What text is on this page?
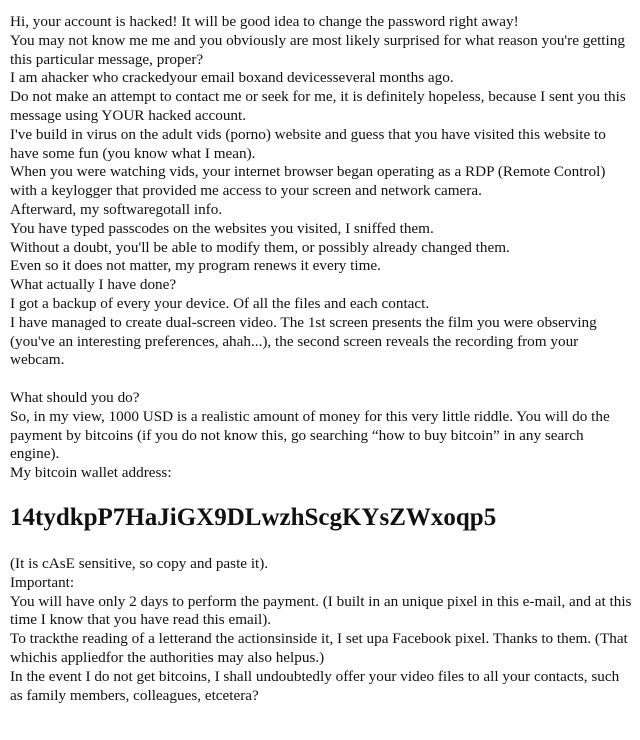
Hi, your account is hacked! It will be good idea to change the password right away!
You may not know me me and you obviously are most likely surprised for what reason you're getting this particular message, proper?
I am ahacker who crackedyour email boxand devicesseveral months ago.
Do not make an attempt to contact me or seek for me, it is definitely hopeless, because I sent you this message using YOUR hacked account.
I've build in virus on the adult vids (porno) website and guess that you have visited this website to have some fun (you know what I mean).
When you were watching vids, your internet browser began operating as a RDP (Remote Control) with a keylogger that provided me access to your screen and network camera.
Afterward, my softwaregotall info.
You have typed passcodes on the websites you visited, I sniffed them.
Without a doubt, you'll be able to modify them, or possibly already changed them.
Even so it does not matter, my program renews it every time.
What actually I have done?
I got a backup of every your device. Of all the files and each contact.
I have managed to create dual-screen video. The 1st screen presents the film you were observing (you've an interesting preferences, ahah...), the second screen reveals the recording from your webcam.
What should you do?
So, in my view, 1000 USD is a realistic amount of money for this very little riddle. You will do the payment by bitcoins (if you do not know this, go searching “how to buy bitcoin” in any search engine).
My bitcoin wallet address:
14tydkpP7HaJiGX9DLwzhScgKYsZWxoqp5
(It is cAsE sensitive, so copy and paste it).
Important:
You will have only 2 days to perform the payment. (I built in an unique pixel in this e-mail, and at this time I know that you have read this email).
To trackthe reading of a letterand the actionsinside it, I set upa Facebook pixel. Thanks to them. (That whichis appliedfor the authorities may also helpus.)
In the event I do not get bitcoins, I shall undoubtedly offer your video files to all your contacts, such as family members, colleagues, etcetera?
